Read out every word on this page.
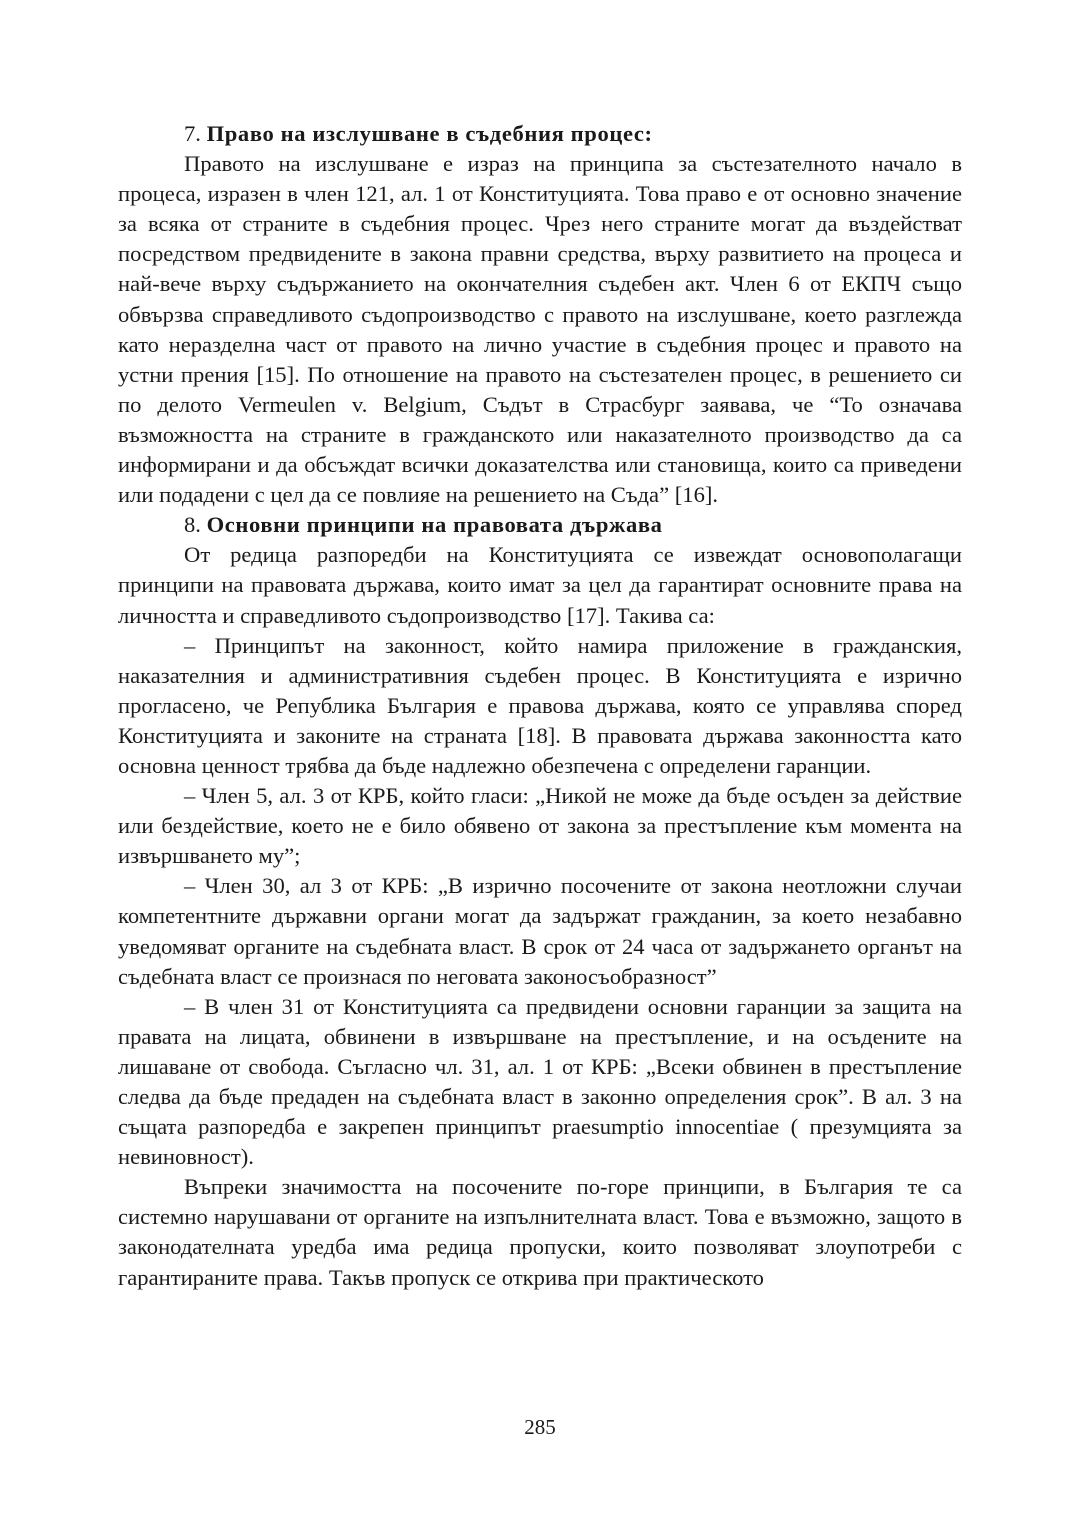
7. Право на изслушване в съдебния процес:

Правото на изслушване е израз на принципа за състезателното начало в процеса, изразен в член 121, ал. 1 от Конституцията. Това право е от основно значение за всяка от страните в съдебния процес. Чрез него страните могат да въздействат посредством предвидените в закона правни средства, върху развитието на процеса и най-вече върху съдържанието на окончателния съдебен акт. Член 6 от ЕКПЧ също обвързва справедливото съдопроизводство с правото на изслушване, което разглежда като неразделна част от правото на лично участие в съдебния процес и правото на устни прения [15]. По отношение на правото на състезателен процес, в решението си по делото Vermeulen v. Belgium, Съдът в Страсбург заявава, че “То означава възможността на страните в гражданското или наказателното производство да са информирани и да обсъждат всички доказателства или становища, които са приведени или подадени с цел да се повлияе на решението на Съда” [16].

8. Основни принципи на правовата държава

От редица разпоредби на Конституцията се извеждат основополагащи принципи на правовата държава, които имат за цел да гарантират основните права на личността и справедливото съдопроизводство [17]. Такива са:

– Принципът на законност, който намира приложение в гражданския, наказателния и административния съдебен процес. В Конституцията е изрично прогласено, че Република България е правова държава, която се управлява според Конституцията и законите на страната [18]. В правовата държава законността като основна ценност трябва да бъде надлежно обезпечена с определени гаранции.

– Член 5, ал. 3 от КРБ, който гласи: „Никой не може да бъде осъден за действие или бездействие, което не е било обявено от закона за престъпление към момента на извършването му”;

– Член 30, ал 3 от КРБ: „В изрично посочените от закона неотложни случаи компетентните държавни органи могат да задържат гражданин, за което незабавно уведомяват органите на съдебната власт. В срок от 24 часа от задържането органът на съдебната власт се произнася по неговата законосъобразност”

– В член 31 от Конституцията са предвидени основни гаранции за защита на правата на лицата, обвинени в извършване на престъпление, и на осъдените на лишаване от свобода. Съгласно чл. 31, ал. 1 от КРБ: „Всеки обвинен в престъпление следва да бъде предаден на съдебната власт в законно определения срок”. В ал. 3 на същата разпоредба е закрепен принципът praesumptio innocentiae ( презумцията за невиновност).

Въпреки значимостта на посочените по-горе принципи, в България те са системно нарушавани от органите на изпълнителната власт. Това е възможно, защото в законодателната уредба има редица пропуски, които позволяват злоупотреби с гарантираните права. Такъв пропуск се открива при практическото

285
